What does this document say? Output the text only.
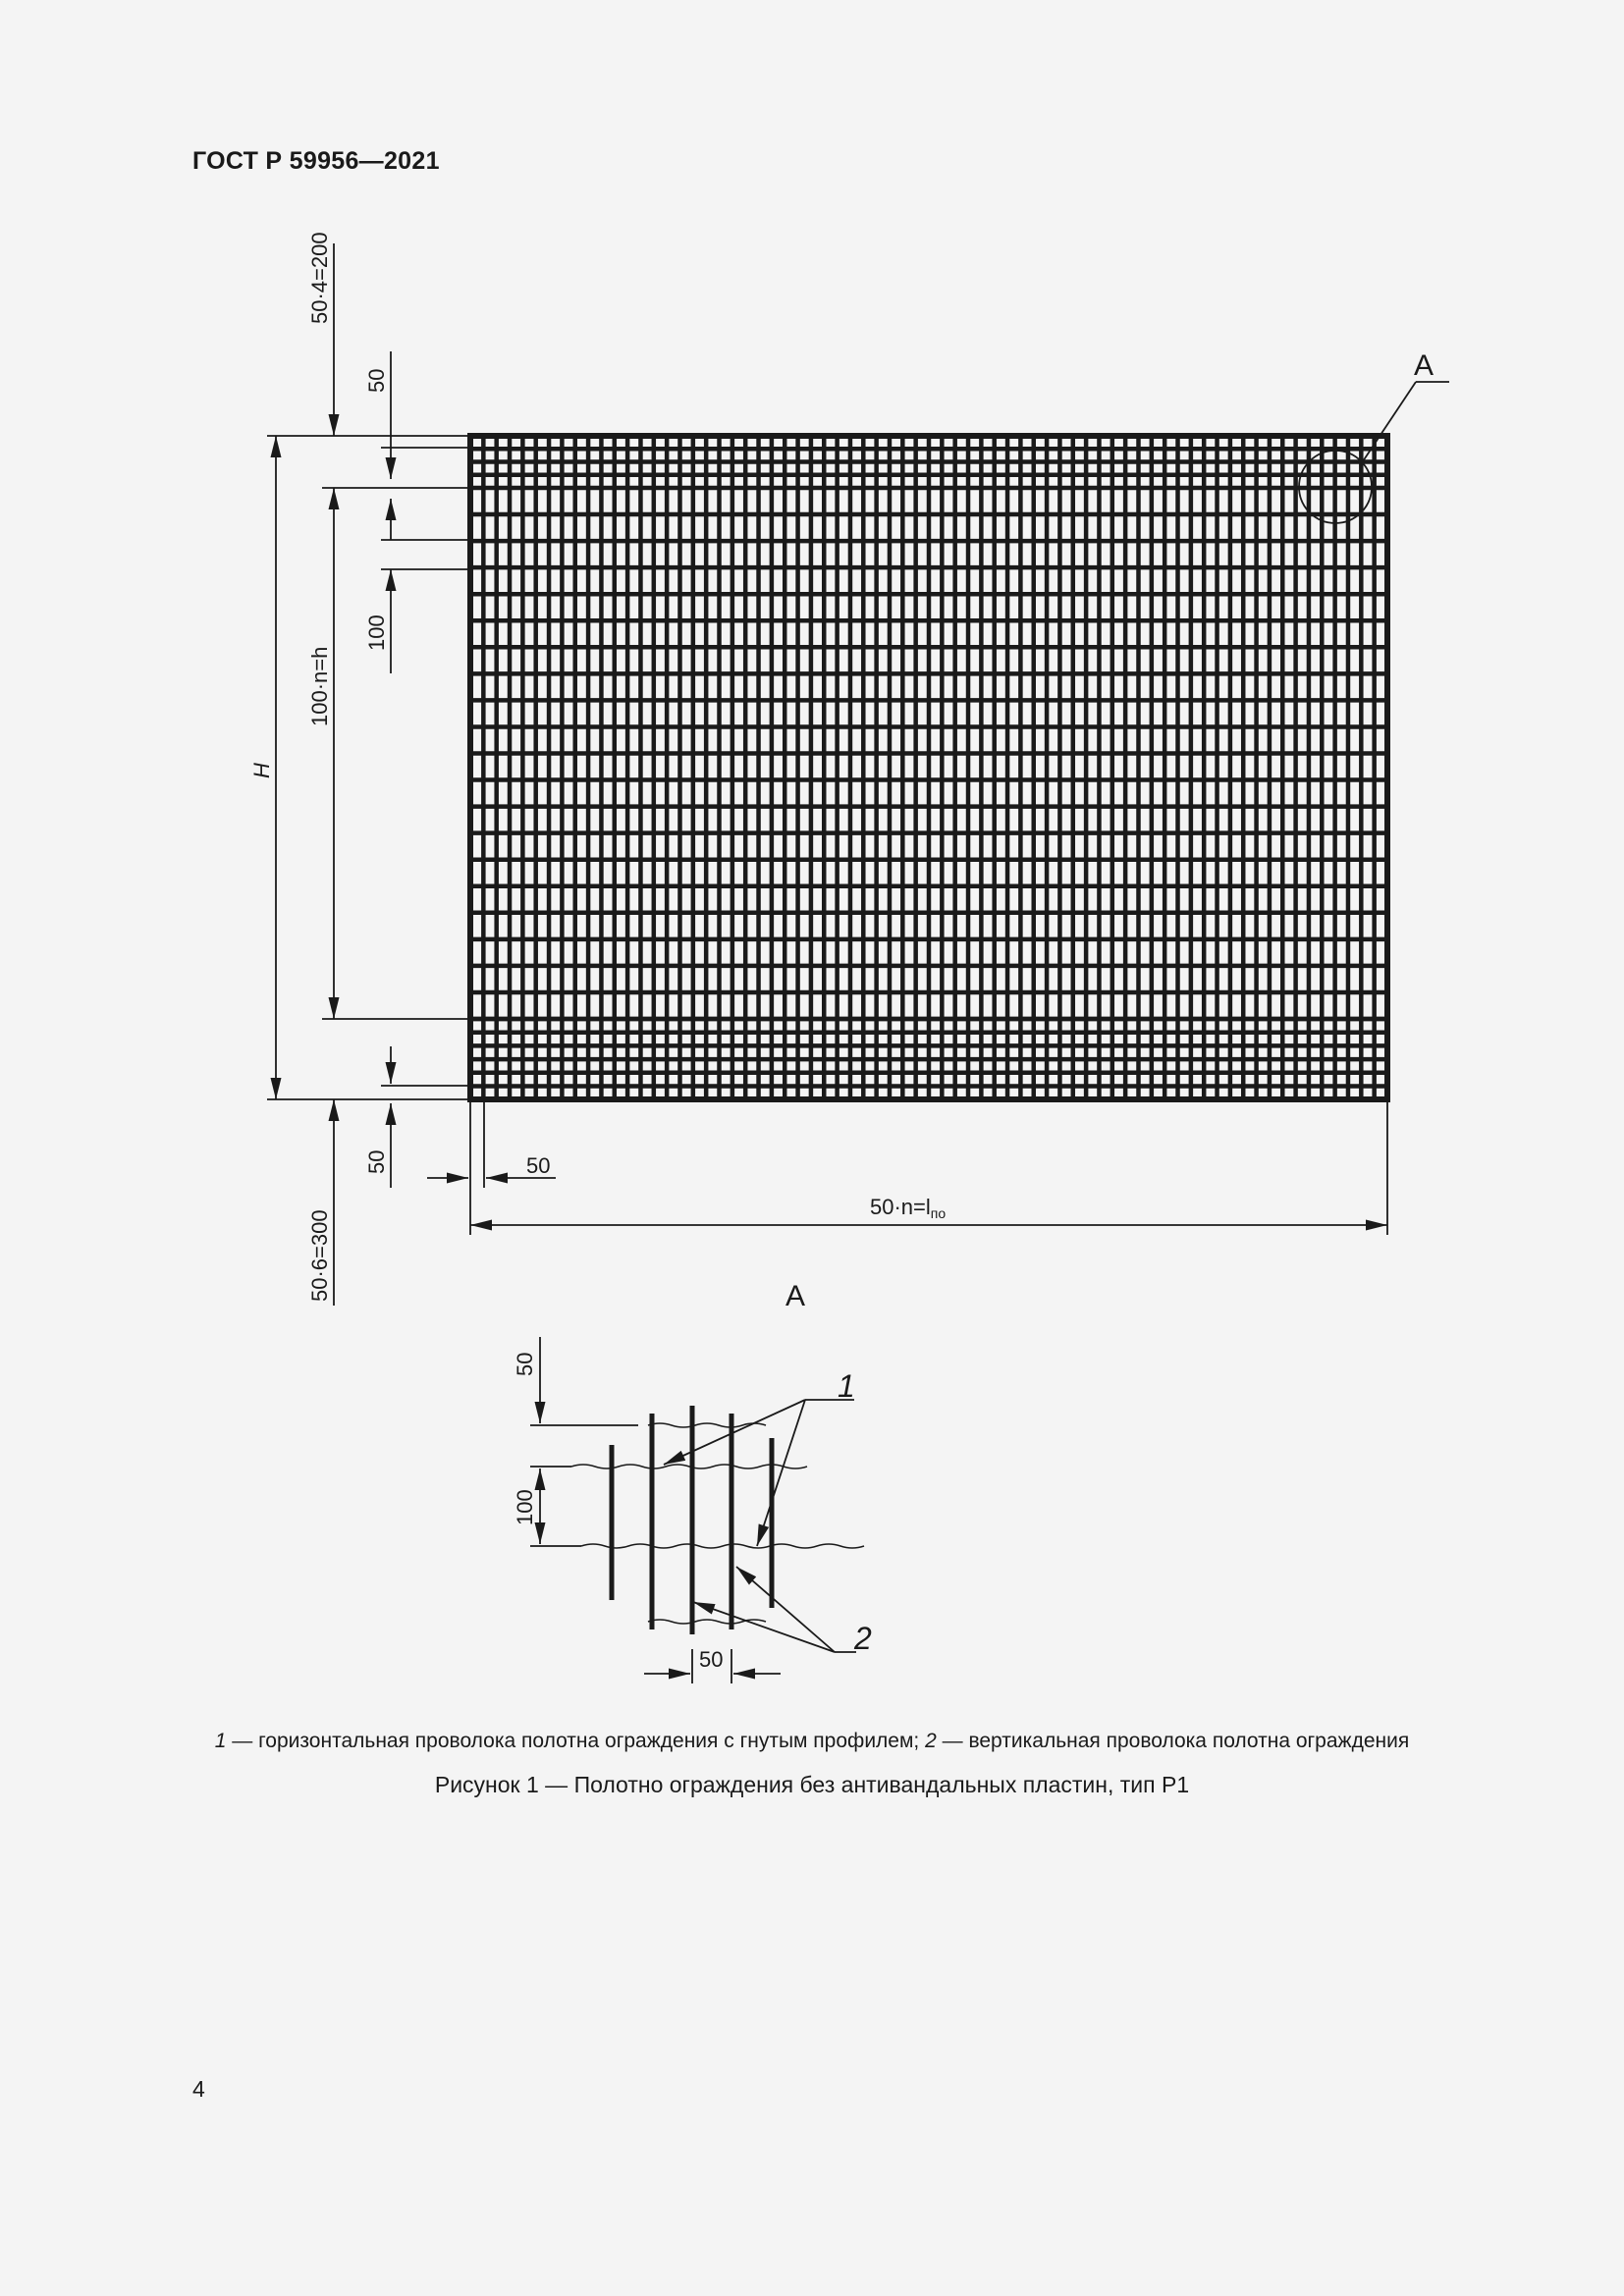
ГОСТ Р 59956—2021
50·4=200
50
100
100·n=h
H
50
50·6=300
50
50·n=lпо
А
А
50
100
50
1
2
1 — горизонтальная проволока полотна ограждения с гнутым профилем; 2 — вертикальная проволока полотна ограждения
Рисунок 1 — Полотно ограждения без антивандальных пластин, тип Р1
4
